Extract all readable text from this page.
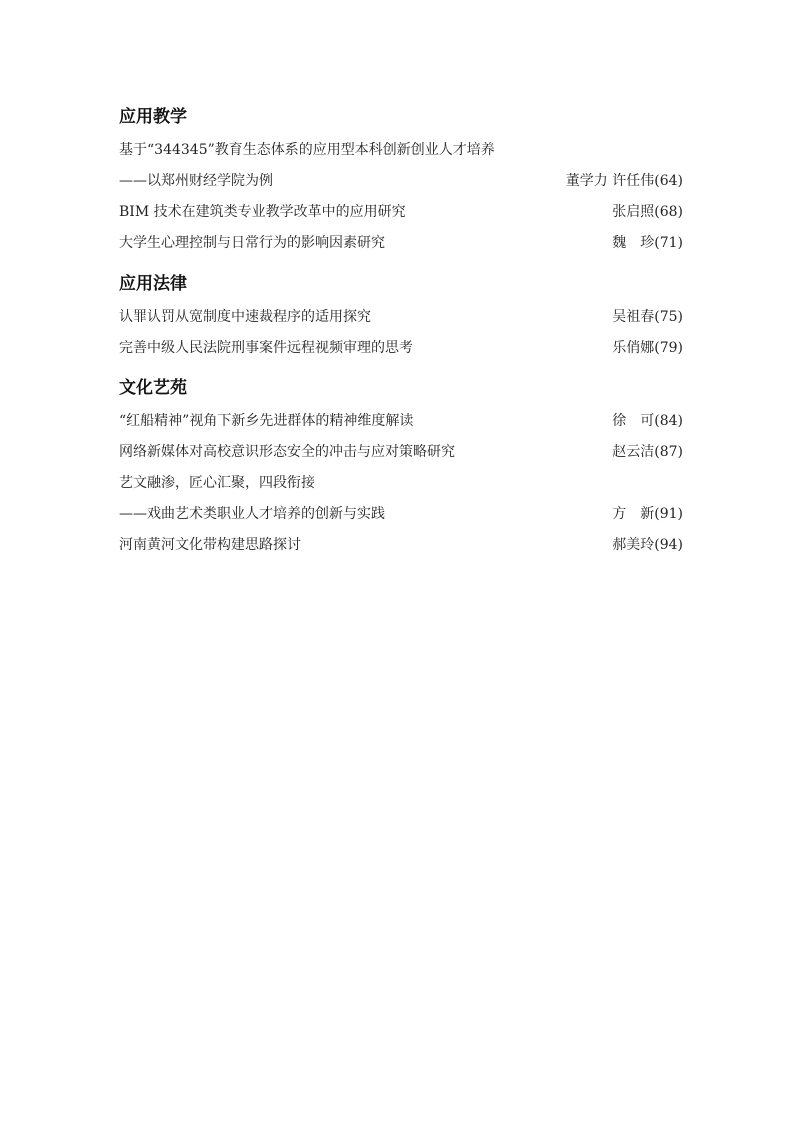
应用教学
基于“344345”教育生态体系的应用型本科创新创业人才培养
——以郑州财经学院为例	董学力 许任伟(64)
BIM 技术在建筑类专业教学改革中的应用研究	张启照(68)
大学生心理控制与日常行为的影响因素研究	魏　珍(71)
应用法律
认罪认罚从宽制度中速裁程序的适用探究	吴祖春(75)
完善中级人民法院刑事案件远程视频审理的思考	乐俏娜(79)
文化艺苑
“红船精神”视角下新乡先进群体的精神维度解读	徐　可(84)
网络新媒体对高校意识形态安全的冲击与应对策略研究	赵云洁(87)
艺文融渗，匠心汇聚，四段衔接
——戏曲艺术类职业人才培养的创新与实践	方　新(91)
河南黄河文化带构建思路探讨	郝美玲(94)
